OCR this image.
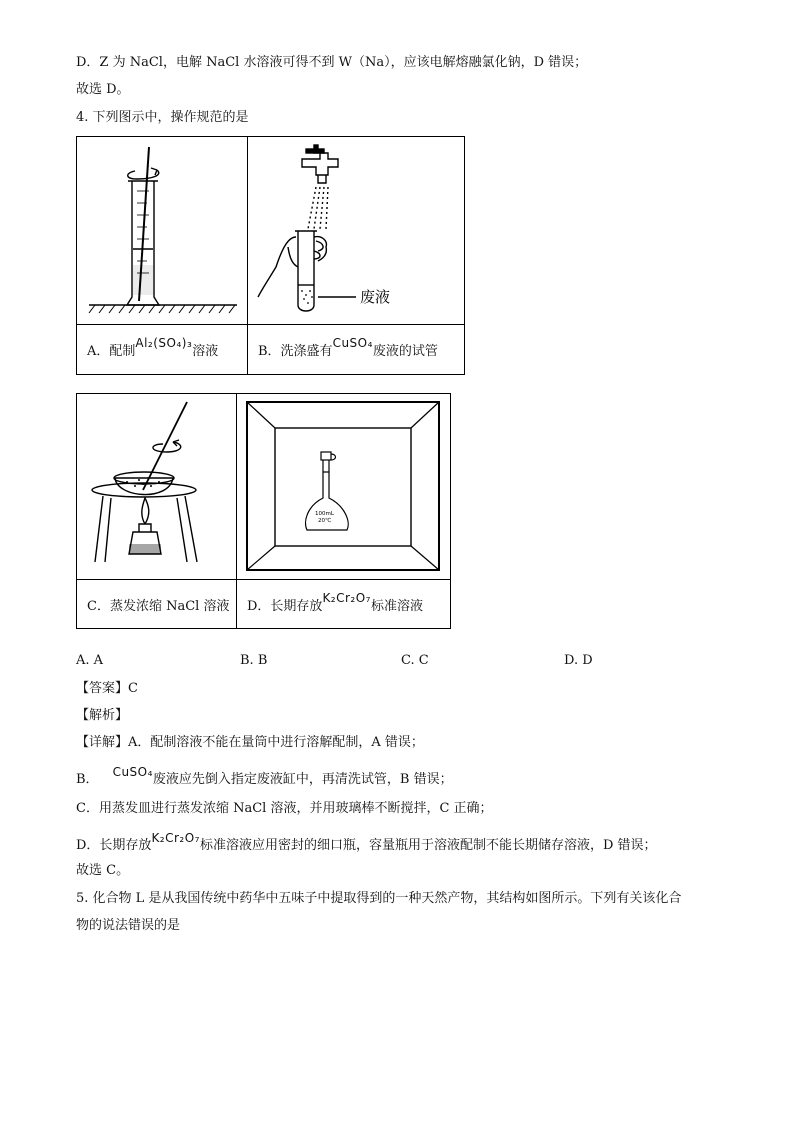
D．Z 为 NaCl，电解 NaCl 水溶液可得不到 W（Na），应该电解熔融氯化钠，D 错误；
故选 D。
4. 下列图示中，操作规范的是

废液

A．配制Al₂(SO₄)₃溶液	B．洗涤盛有CuSO₄废液的试管

100mL
20℃

C．蒸发浓缩 NaCl 溶液	D．长期存放K₂Cr₂O₇标准溶液
A. A	B. B	C. C	D. D
【答案】C
【解析】
【详解】A．配制溶液不能在量筒中进行溶解配制，A 错误；
B． CuSO₄废液应先倒入指定废液缸中，再清洗试管，B 错误；
C．用蒸发皿进行蒸发浓缩 NaCl 溶液，并用玻璃棒不断搅拌，C 正确；
D．长期存放K₂Cr₂O₇标准溶液应用密封的细口瓶，容量瓶用于溶液配制不能长期储存溶液，D 错误；
故选 C。
5. 化合物 L 是从我国传统中药华中五味子中提取得到的一种天然产物，其结构如图所示。下列有关该化合
物的说法错误的是
